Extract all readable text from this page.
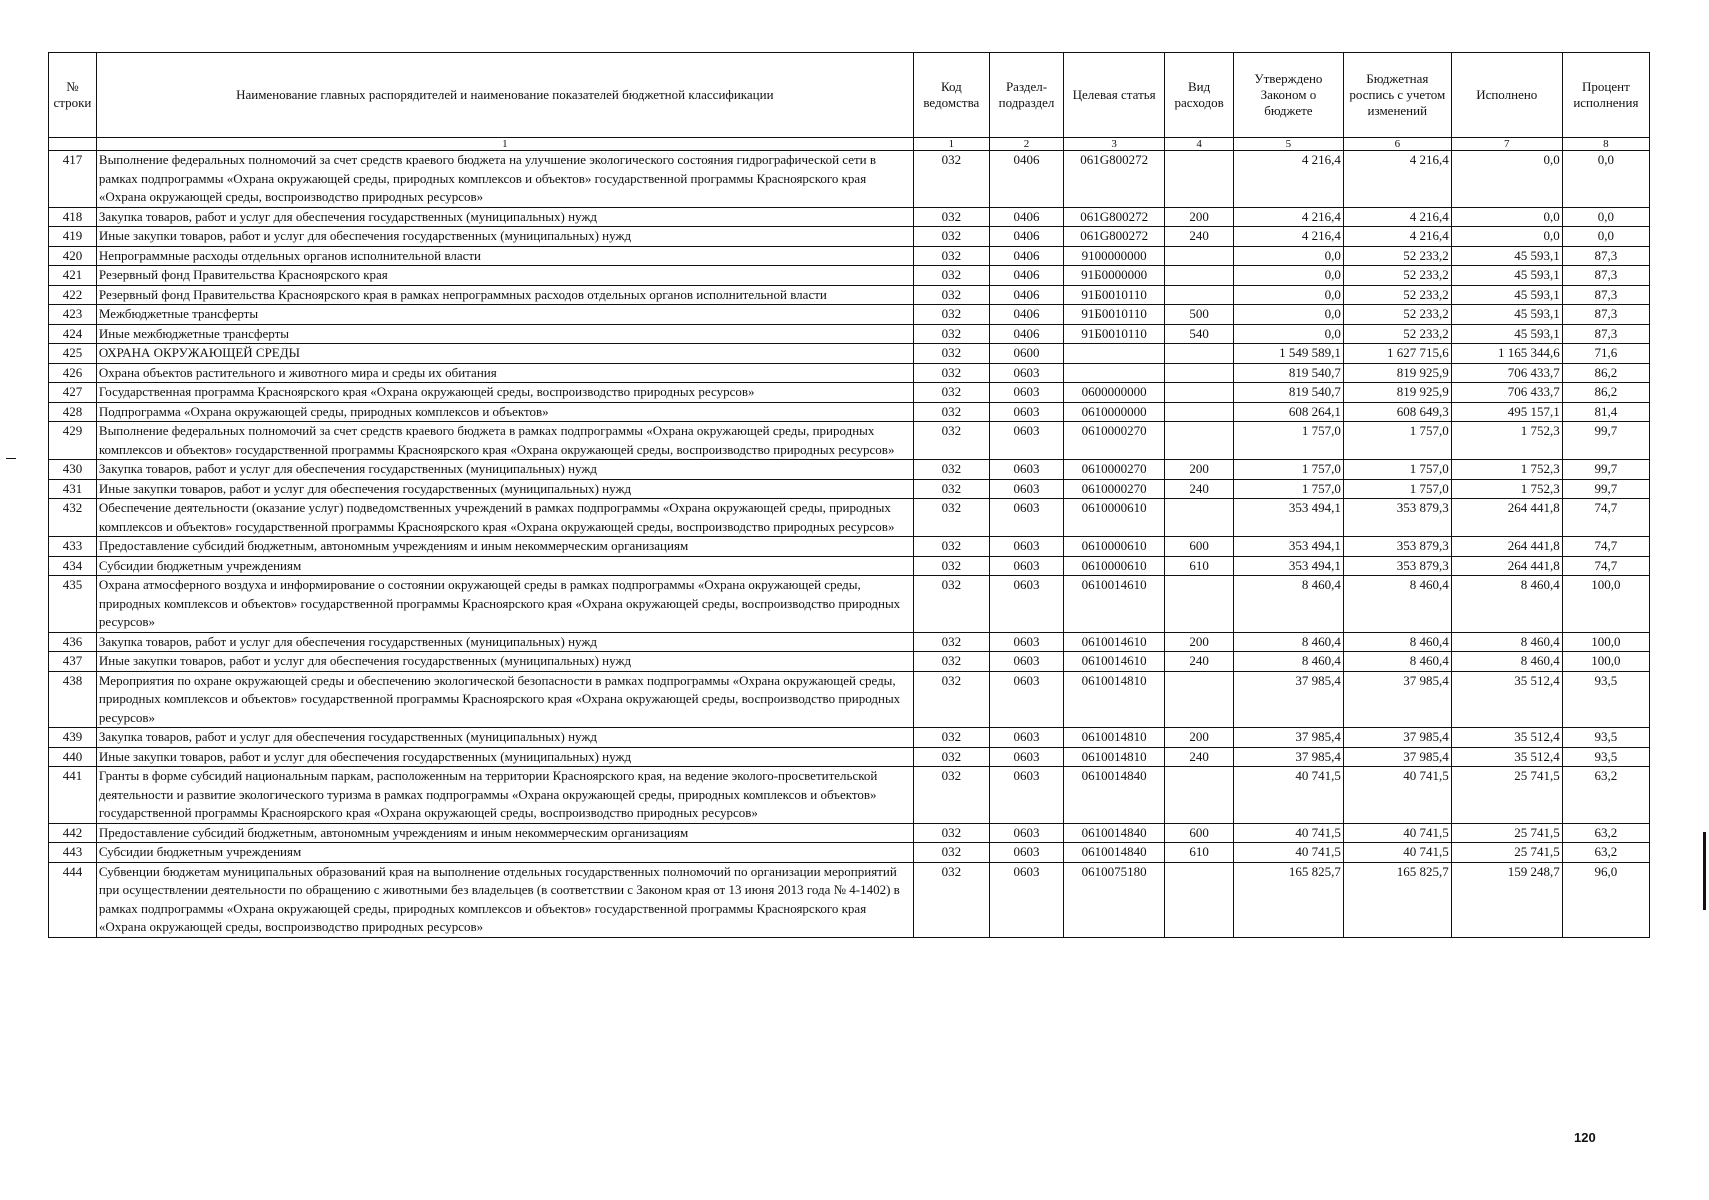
№ строки	Наименование главных распорядителей и наименование показателей бюджетной классификации	Код ведомства	Раздел-подраздел	Целевая статья	Вид расходов	Утверждено Законом о бюджете	Бюджетная роспись с учетом изменений	Исполнено	Процент исполнения
	1	1	2	3	4	5	6	7	8
417	Выполнение федеральных полномочий за счет средств краевого бюджета на улучшение экологического состояния гидрографической сети в рамках подпрограммы «Охрана окружающей среды, природных комплексов и объектов» государственной программы Красноярского края «Охрана окружающей среды, воспроизводство природных ресурсов»	032	0406	061G800272		4 216,4	4 216,4	0,0	0,0
418	Закупка товаров, работ и услуг для обеспечения государственных (муниципальных) нужд	032	0406	061G800272	200	4 216,4	4 216,4	0,0	0,0
419	Иные закупки товаров, работ и услуг для обеспечения государственных (муниципальных) нужд	032	0406	061G800272	240	4 216,4	4 216,4	0,0	0,0
420	Непрограммные расходы отдельных органов исполнительной власти	032	0406	9100000000		0,0	52 233,2	45 593,1	87,3
421	Резервный фонд Правительства Красноярского края	032	0406	91Б0000000		0,0	52 233,2	45 593,1	87,3
422	Резервный фонд Правительства Красноярского края в рамках непрограммных расходов отдельных органов исполнительной власти	032	0406	91Б0010110		0,0	52 233,2	45 593,1	87,3
423	Межбюджетные трансферты	032	0406	91Б0010110	500	0,0	52 233,2	45 593,1	87,3
424	Иные межбюджетные трансферты	032	0406	91Б0010110	540	0,0	52 233,2	45 593,1	87,3
425	ОХРАНА ОКРУЖАЮЩЕЙ СРЕДЫ	032	0600			1 549 589,1	1 627 715,6	1 165 344,6	71,6
426	Охрана объектов растительного и животного мира и среды их обитания	032	0603			819 540,7	819 925,9	706 433,7	86,2
427	Государственная программа Красноярского края «Охрана окружающей среды, воспроизводство природных ресурсов»	032	0603	0600000000		819 540,7	819 925,9	706 433,7	86,2
428	Подпрограмма «Охрана окружающей среды, природных комплексов и объектов»	032	0603	0610000000		608 264,1	608 649,3	495 157,1	81,4
429	Выполнение федеральных полномочий за счет средств краевого бюджета в рамках подпрограммы «Охрана окружающей среды, природных комплексов и объектов» государственной программы Красноярского края «Охрана окружающей среды, воспроизводство природных ресурсов»	032	0603	0610000270		1 757,0	1 757,0	1 752,3	99,7
430	Закупка товаров, работ и услуг для обеспечения государственных (муниципальных) нужд	032	0603	0610000270	200	1 757,0	1 757,0	1 752,3	99,7
431	Иные закупки товаров, работ и услуг для обеспечения государственных (муниципальных) нужд	032	0603	0610000270	240	1 757,0	1 757,0	1 752,3	99,7
432	Обеспечение деятельности (оказание услуг) подведомственных учреждений в рамках подпрограммы «Охрана окружающей среды, природных комплексов и объектов» государственной программы Красноярского края «Охрана окружающей среды, воспроизводство природных ресурсов»	032	0603	0610000610		353 494,1	353 879,3	264 441,8	74,7
433	Предоставление субсидий бюджетным, автономным учреждениям и иным некоммерческим организациям	032	0603	0610000610	600	353 494,1	353 879,3	264 441,8	74,7
434	Субсидии бюджетным учреждениям	032	0603	0610000610	610	353 494,1	353 879,3	264 441,8	74,7
435	Охрана атмосферного воздуха и информирование о состоянии окружающей среды в рамках подпрограммы «Охрана окружающей среды, природных комплексов и объектов» государственной программы Красноярского края «Охрана окружающей среды, воспроизводство природных ресурсов»	032	0603	0610014610		8 460,4	8 460,4	8 460,4	100,0
436	Закупка товаров, работ и услуг для обеспечения государственных (муниципальных) нужд	032	0603	0610014610	200	8 460,4	8 460,4	8 460,4	100,0
437	Иные закупки товаров, работ и услуг для обеспечения государственных (муниципальных) нужд	032	0603	0610014610	240	8 460,4	8 460,4	8 460,4	100,0
438	Мероприятия по охране окружающей среды и обеспечению экологической безопасности в рамках подпрограммы «Охрана окружающей среды, природных комплексов и объектов» государственной программы Красноярского края «Охрана окружающей среды, воспроизводство природных ресурсов»	032	0603	0610014810		37 985,4	37 985,4	35 512,4	93,5
439	Закупка товаров, работ и услуг для обеспечения государственных (муниципальных) нужд	032	0603	0610014810	200	37 985,4	37 985,4	35 512,4	93,5
440	Иные закупки товаров, работ и услуг для обеспечения государственных (муниципальных) нужд	032	0603	0610014810	240	37 985,4	37 985,4	35 512,4	93,5
441	Гранты в форме субсидий национальным паркам, расположенным на территории Красноярского края, на ведение эколого-просветительской деятельности и развитие экологического туризма в рамках подпрограммы «Охрана окружающей среды, природных комплексов и объектов» государственной программы Красноярского края «Охрана окружающей среды, воспроизводство природных ресурсов»	032	0603	0610014840		40 741,5	40 741,5	25 741,5	63,2
442	Предоставление субсидий бюджетным, автономным учреждениям и иным некоммерческим организациям	032	0603	0610014840	600	40 741,5	40 741,5	25 741,5	63,2
443	Субсидии бюджетным учреждениям	032	0603	0610014840	610	40 741,5	40 741,5	25 741,5	63,2
444	Субвенции бюджетам муниципальных образований края на выполнение отдельных государственных полномочий по организации мероприятий при осуществлении деятельности по обращению с животными без владельцев (в соответствии с Законом края от 13 июня 2013 года № 4-1402) в рамках подпрограммы «Охрана окружающей среды, природных комплексов и объектов» государственной программы Красноярского края «Охрана окружающей среды, воспроизводство природных ресурсов»	032	0603	0610075180		165 825,7	165 825,7	159 248,7	96,0
120
